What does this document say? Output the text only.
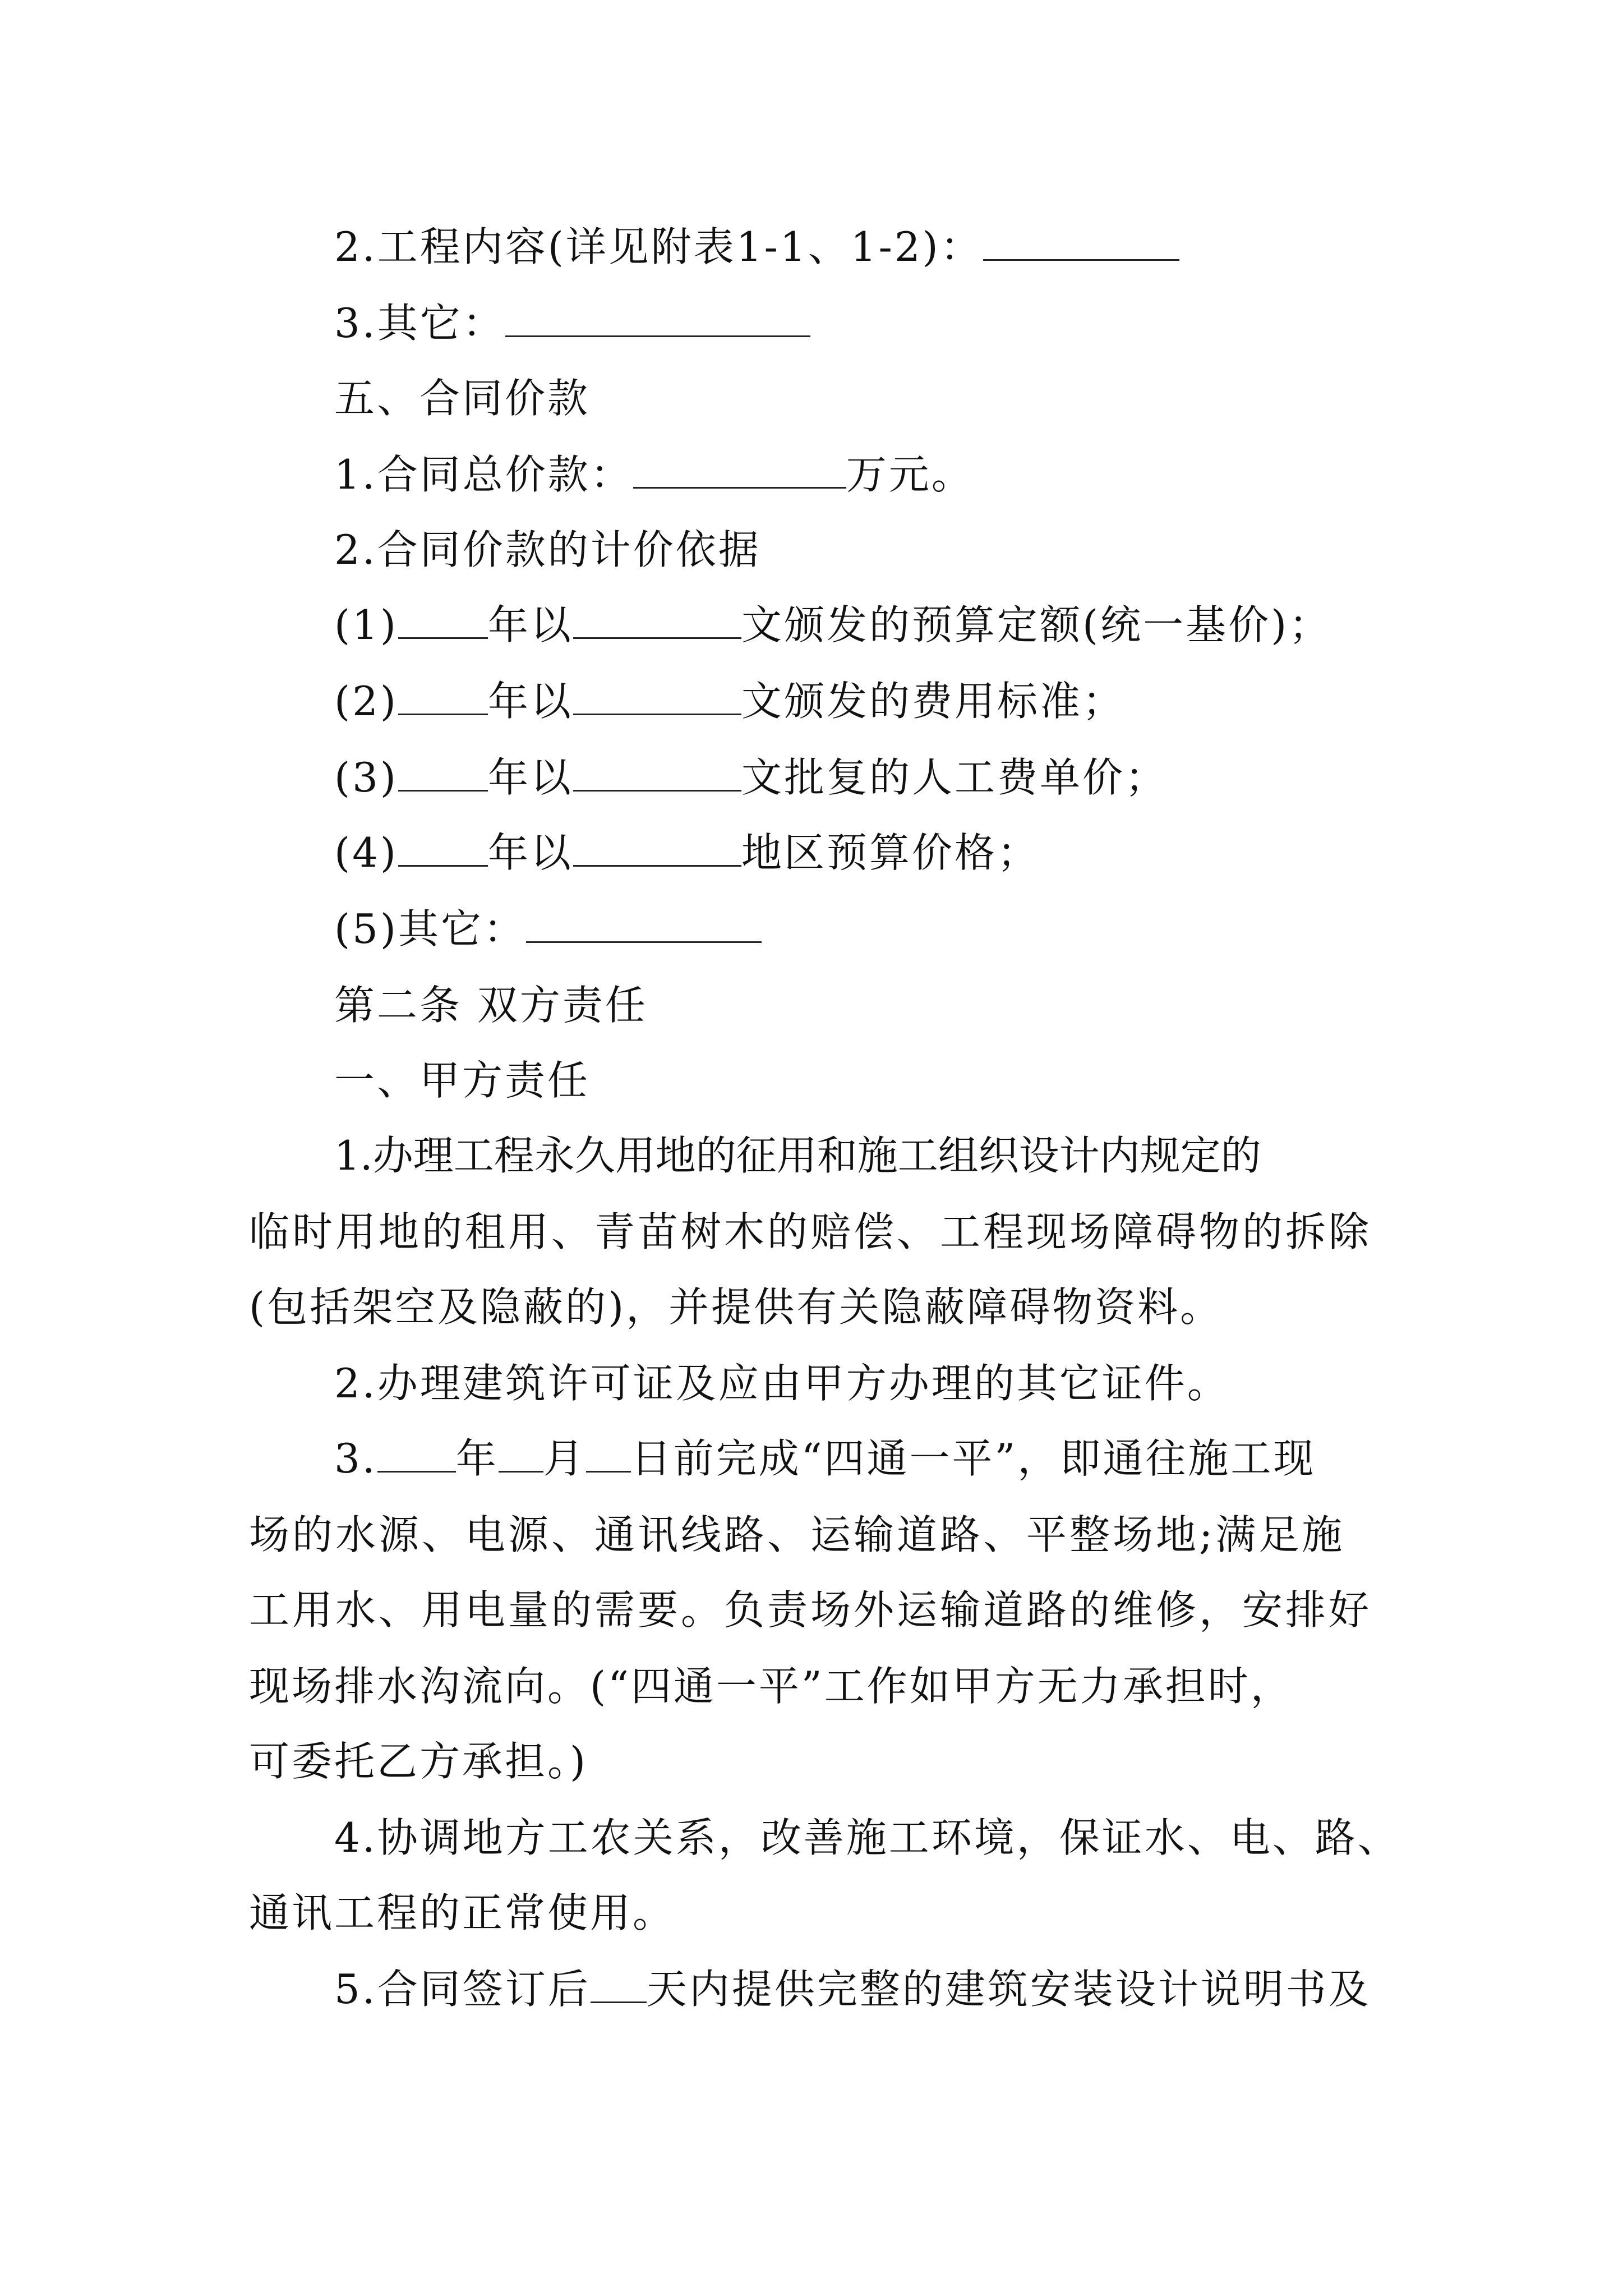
2.工程内容(详见附表1-1、1-2)：
3.其它：
五、合同价款
1.合同总价款：	万元。
2.合同价款的计价依据
(1) 年以	文颁发的预算定额(统一基价)；
(2) 年以	文颁发的费用标准；
(3) 年以	文批复的人工费单价；
(4) 年以	地区预算价格；
(5)其它：
第二条 双方责任
一、甲方责任
1.办理工程永久用地的征用和施工组织设计内规定的
临时用地的租用、青苗树木的赔偿、工程现场障碍物的拆除
(包括架空及隐蔽的)，并提供有关隐蔽障碍物资料。
2.办理建筑许可证及应由甲方办理的其它证件。
3. 年 月 日前完成“四通一平”，即通往施工现
场的水源、电源、通讯线路、运输道路、平整场地;满足施
工用水、用电量的需要。负责场外运输道路的维修，安排好
现场排水沟流向。(“四通一平”工作如甲方无力承担时，
可委托乙方承担。)
4.协调地方工农关系，改善施工环境，保证水、电、路、
通讯工程的正常使用。
5.合同签订后 天内提供完整的建筑安装设计说明书及
